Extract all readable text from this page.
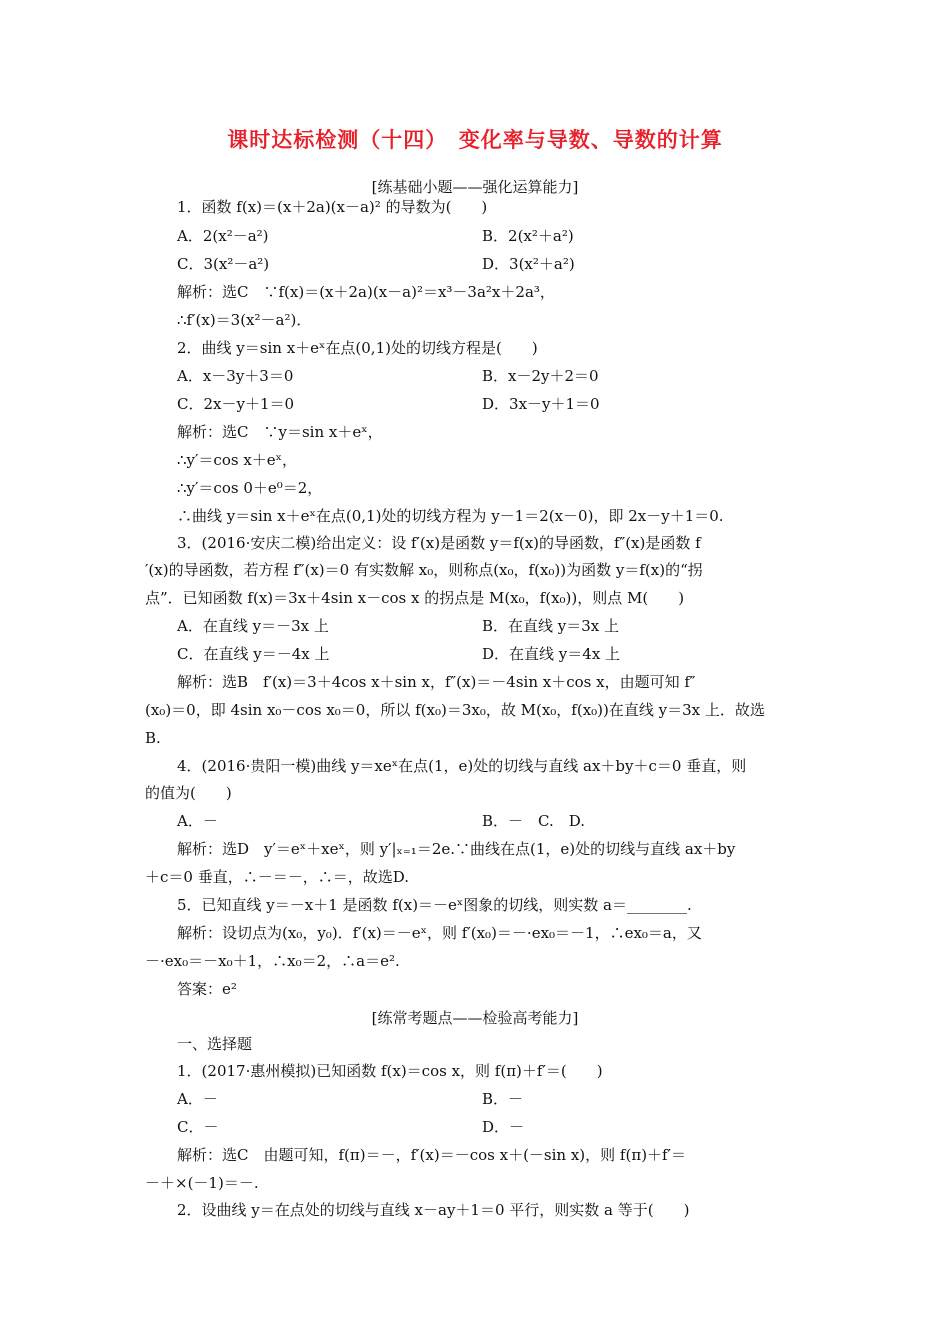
课时达标检测（十四）　变化率与导数、导数的计算
[练基础小题——强化运算能力]
1．函数 f(x)＝(x＋2a)(x－a)² 的导数为(　　)
A．2(x²－a²)	B．2(x²＋a²)
C．3(x²－a²)	D．3(x²＋a²)
解析：选C　∵f(x)＝(x＋2a)(x－a)²＝x³－3a²x＋2a³，
∴f′(x)＝3(x²－a²)．
2．曲线 y＝sin x＋eˣ在点(0,1)处的切线方程是(　　)
A．x－3y＋3＝0	B．x－2y＋2＝0
C．2x－y＋1＝0	D．3x－y＋1＝0
解析：选C　∵y＝sin x＋eˣ，
∴y′＝cos x＋eˣ，
∴y′＝cos 0＋e⁰＝2，
∴曲线 y＝sin x＋eˣ在点(0,1)处的切线方程为 y－1＝2(x－0)，即 2x－y＋1＝0.
3．(2016·安庆二模)给出定义：设 f′(x)是函数 y＝f(x)的导函数，f″(x)是函数 f
′(x)的导函数，若方程 f″(x)＝0 有实数解 x₀，则称点(x₀，f(x₀))为函数 y＝f(x)的“拐
点”．已知函数 f(x)＝3x＋4sin x－cos x 的拐点是 M(x₀，f(x₀))，则点 M(　　)
A．在直线 y＝－3x 上	B．在直线 y＝3x 上
C．在直线 y＝－4x 上	D．在直线 y＝4x 上
解析：选B　f′(x)＝3＋4cos x＋sin x，f″(x)＝－4sin x＋cos x，由题可知 f″
(x₀)＝0，即 4sin x₀－cos x₀＝0，所以 f(x₀)＝3x₀，故 M(x₀，f(x₀))在直线 y＝3x 上．故选
B.
4．(2016·贵阳一模)曲线 y＝xeˣ在点(1，e)处的切线与直线 ax＋by＋c＝0 垂直，则
的值为(　　)
A．－	B．－　C.　D.
解析：选D　y′＝eˣ＋xeˣ，则 y′|ₓ₌₁＝2e.∵曲线在点(1，e)处的切线与直线 ax＋by
＋c＝0 垂直，∴－＝－，∴＝，故选D.
5．已知直线 y＝－x＋1 是函数 f(x)＝－eˣ图象的切线，则实数 a＝________.
解析：设切点为(x₀，y₀)．f′(x)＝－eˣ，则 f′(x₀)＝－·ex₀＝－1，∴ex₀＝a，又
－·ex₀＝－x₀＋1，∴x₀＝2，∴a＝e².
答案：e²
[练常考题点——检验高考能力]
一、选择题
1．(2017·惠州模拟)已知函数 f(x)＝cos x，则 f(π)＋f′＝(　　)
A．－	B．－
C．－	D．－
解析：选C　由题可知，f(π)＝－，f′(x)＝－cos x＋(－sin x)，则 f(π)＋f′＝
－＋×(－1)＝－.
2．设曲线 y＝在点处的切线与直线 x－ay＋1＝0 平行，则实数 a 等于(　　)
